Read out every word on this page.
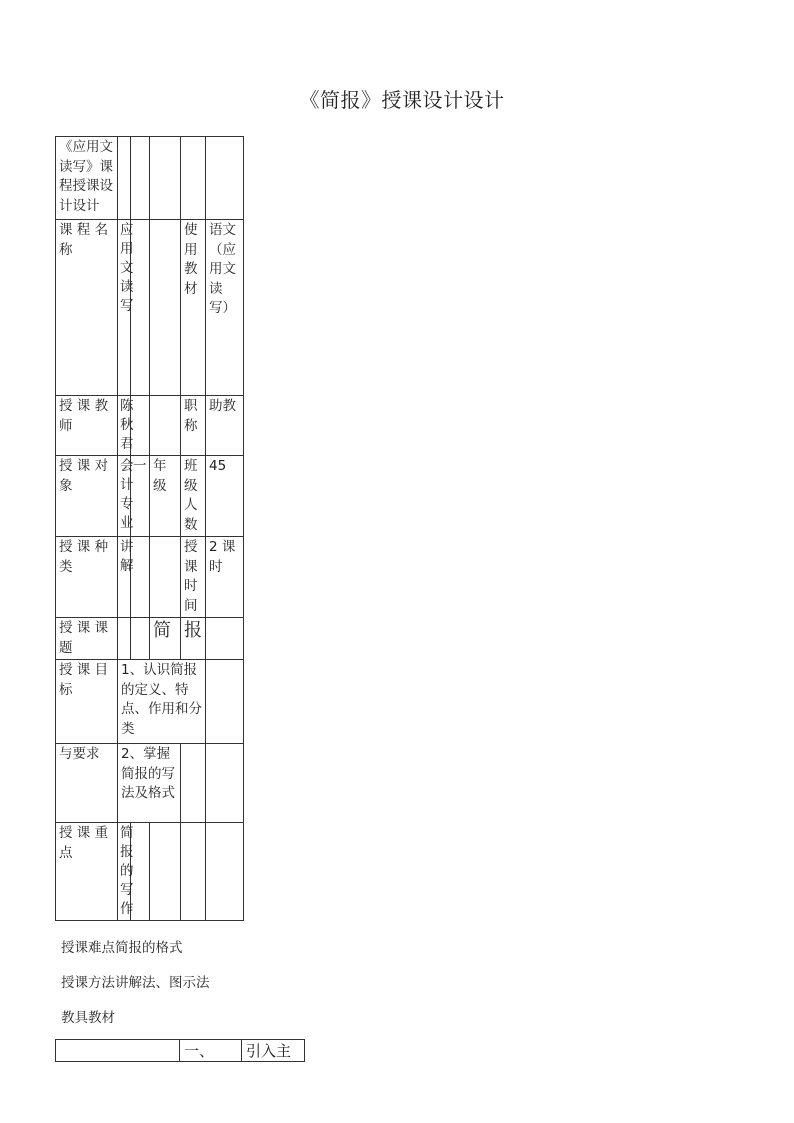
《简报》授课设计设计
《应用文读写》课程授课设计设计					
课 程 名称	应用文读写			使用教材	语文（应用文读写）
授 课 教师	陈秋君			职称	助教
授 课 对象	会计专业	一	年级	班级人数	45
授 课 种类	讲解			授课时间	2 课时
授 课 课题			简	报	
授 课 目标	1、认识简报的定义、特点、作用和分类				
与要求	2、掌握简报的写法及格式				
授 课 重点	简报的写作				

授课难点简报的格式
授课方法讲解法、图示法
教具教材
	一、	引入主
